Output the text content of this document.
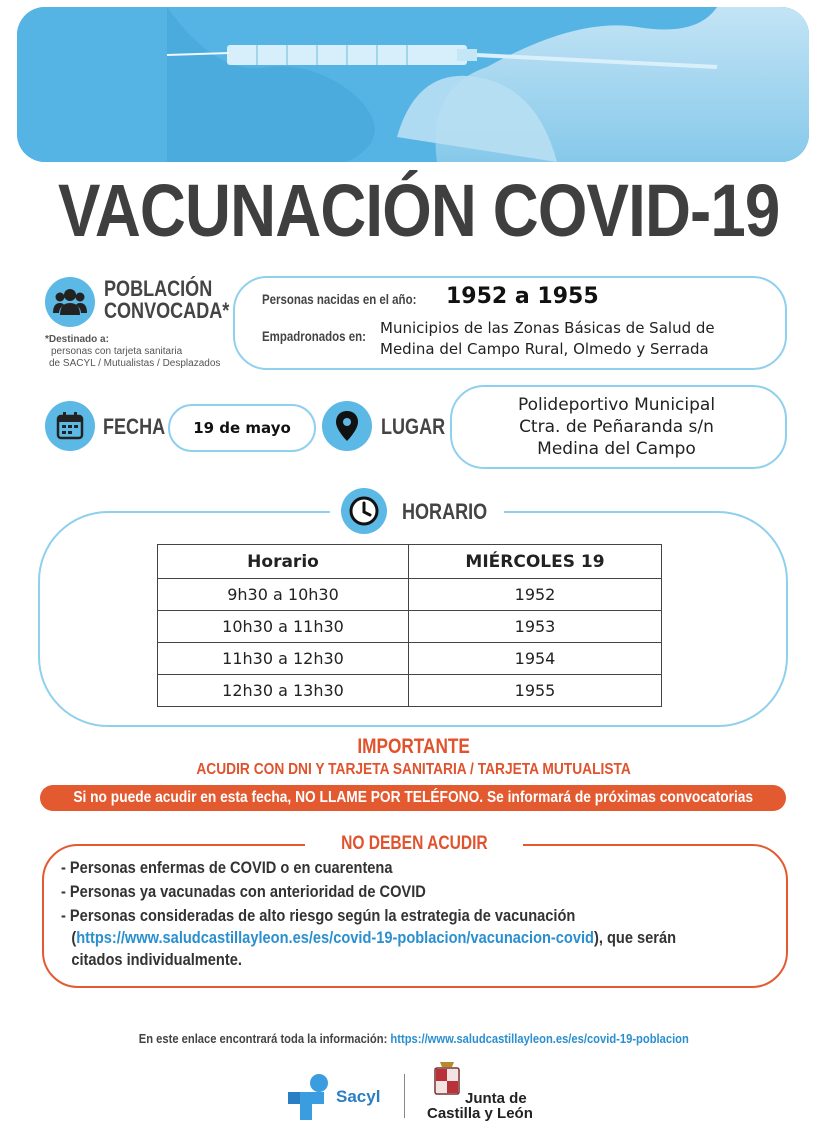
VACUNACIÓN COVID-19
POBLACIÓN
CONVOCADA*
*Destinado a:
personas con tarjeta sanitaria
de SACYL / Mutualistas / Desplazados
Personas nacidas en el año: 1952 a 1955
Empadronados en: Municipios de las Zonas Básicas de Salud de
Medina del Campo Rural, Olmedo y Serrada
FECHA 19 de mayo	LUGAR
Polideportivo Municipal
Ctra. de Peñaranda s/n
Medina del Campo
HORARIO
Horario	MIÉRCOLES 19
9h30 a 10h30	1952
10h30 a 11h30	1953
11h30 a 12h30	1954
12h30 a 13h30	1955
IMPORTANTE
ACUDIR CON DNI Y TARJETA SANITARIA / TARJETA MUTUALISTA
Si no puede acudir en esta fecha, NO LLAME POR TELÉFONO. Se informará de próximas convocatorias
NO DEBEN ACUDIR
- Personas enfermas de COVID o en cuarentena
- Personas ya vacunadas con anterioridad de COVID
- Personas consideradas de alto riesgo según la estrategia de vacunación
(https://www.saludcastillayleon.es/es/covid-19-poblacion/vacunacion-covid), que serán
citados individualmente.
En este enlace encontrará toda la información: https://www.saludcastillayleon.es/es/covid-19-poblacion
Sacyl	Junta de
Castilla y León
